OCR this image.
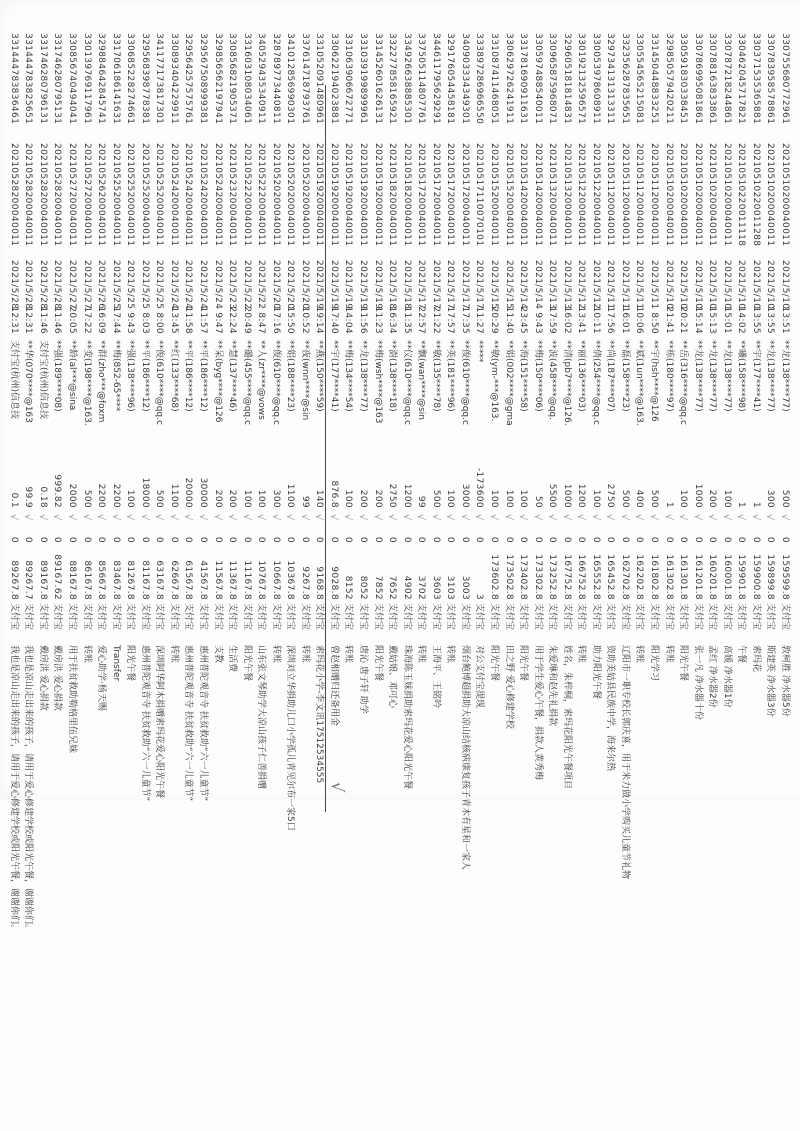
330755680772961
20210510200040011
2021/5/10
13:51
**龙(138****77)
500
√
0
159599.8
支付宝
敦柯胜 净水器5份
330783958578861
20210510200040011
2021/5/10
13:55
**龙(138****77)
300
√
0
159899.8
支付宝
斯建英 净水器3份
330371535365881
20210510220011288
2021/5/10
13:55
**宇(177****41)
1
√
0
159900.8
支付宝
索玛花
330462045717821
20210510220011118
2021/5/10
14:02
**曦(158****98)
1
√
0
159901.8
支付宝
午餐
330787218244861
20210510200040011
2021/5/10
15:01
**龙(138****77)
100
√
0
160001.8
支付宝
高媛 净水器1份
330788163833861
20210510200040011
2021/5/10
15:13
**龙(138****77)
200
√
0
160201.8
支付宝
孟红 净水器2份
330786995081861
20210510200040011
2021/5/10
15:14
**龙(138****77)
1000
√
0
161201.8
支付宝
张一凡 净水器十份
330591830338451
20210510200040011
2021/5/10
20:21
**岳(316****@qq.c
100
√
0
161301.8
支付宝
阳光午餐
329850579420211
20210510200040011
2021/5/10
21:41
**栋(180****97)
1
√
0
161302.8
支付宝
转账
331450448833251
20210511200040011
2021/5/11
8:50
**宇(hsh****@126
500
√
0
161802.8
支付宝
阳光学习
330554565215081
20210511200040011
2021/5/11
10:06
**斌(1un****@163.
400
√
0
162202.8
支付宝
转账
332356287835651
20210511200040011
2021/5/11
16:01
**磊(158****23)
500
√
0
162702.8
支付宝
辽阳市一职专校长郭庆喜，用于米力做小学购买儿童节礼物
329734131313311
20210511200040011
2021/5/11
17:56
**尚(187****07)
2750
√
0
165452.8
支付宝
资助美姑县民族中学，海来尔热
330053978608911
20210512200040011
2021/5/12
10:11
**倩(254****@qq.c
100
√
0
165552.8
支付宝
助力阳光午餐
330192132596571
20210512200040011
2021/5/12
13:41
**丽(136****03)
1200
√
0
166752.8
支付宝
转账
329605181814831
20210513200040011
2021/5/13
16:02
**清(pb7****@126.
1000
√
0
167752.8
支付宝
姓名，朱梓桐，索玛花阳光午餐项目
330965875968071
20210513200040011
2021/5/13
17:59
**波(458****@qq.
5500
√
0
173252.8
支付宝
朱爱琳和赵先礼捐款
330597488540011
20210514200040011
2021/5/14
9:43
**梅(150****06)
50
√
0
173302.8
支付宝
用于学生爱心午餐，捐款人黄秀梅
331781690911631
20210514200040011
2021/5/14
23:45
**海(151****58)
100
√
0
173402.8
支付宝
阳光午餐
330629726241911
20210515200040011
2021/5/15
11:40
**娟(002****@gma
100
√
0
173502.8
支付宝
田之野 爱心修建学校
331087411468051
20210515200040011
2021/5/15
20:29
**敏(ym-***@163.
100
√
0
173602.8
支付宝
阳光午餐
333897286966550
20210517110070101
2021/5/17
11:27
*****
-173600
√
0
3
支付宝
对公支付宝提现
340903334349301
20210517200040011
2021/5/17
17:35
**俊(610****@qq.c
3000
√
0
3003
支付宝
烟台鲍博超捐助大凉山结核病康复孩子青木有星和一家人
329176054458181
20210517200040011
2021/5/17
17:57
**英(181****96)
100
√
0
3103
支付宝
转账
344611795629291
20210517200040011
2021/5/17
21:22
**敏(135****78)
500
√
0
3603
支付宝
王海平、王铭吟
337505114807761
20210517200040011
2021/5/17
22:57
**飘(wan****@sin
99
√
0
3702
支付宝
转账
334926638885301
20210518200040011
2021/5/18
11:35
**仪(610****@qq.c
1200
√
0
4902
支付宝
珠海陈玉妹捐助索玛花爱心阳光午餐
332277858165921
20210518200040011
2021/5/18
16:34
**澍(138****18)
2750
√
0
7652
支付宝
戴姑娘、邓可心
331452601626131
20210519200040011
2021/5/19
11:23
**梅(wsh****@163
200
√
0
7852
支付宝
阳光午餐
331039199899961
20210519200040011
2021/5/19
11:56
**龙(138****77)
200
√
0
8052
支付宝
唐沁 唐子轩 助学
331063906672771
20210519200040011
2021/5/19
14:04
**梅(134****54)
100
√
0
8152
支付宝
转账
330622194023881
20210519200040011
2021/5/19
17:40
**宇(177****41)
876.8
√
0
9028.8
支付宝
曾赵相赠归还备用金
√
331052091480961
20210519200040011
2021/5/19
19:14
**燕(150****59)
140
√
0
9168.8
支付宝
索玛花小学-李文讯17512534555
337614718793761
20210520200040011
2021/5/20
10:52
**夜(wnn****@sin
99
√
0
9267.8
支付宝
转账
341012856990301
20210520200040011
2021/5/20
15:50
**娟(188****23)
1100
√
0
10367.8
支付宝
深圳刘立华捐助儿口小学孤儿青见尔布一家5口
328789773440811
20210520200040011
2021/5/20
17:16
**俊(610****@qq.c
300
√
0
10667.8
支付宝
转账
340529435340911
20210522200040011
2021/5/22
8:47
**人(zr****@vows
100
√
0
10767.8
支付宝
山东张文琴助学大凉山孩子仁善捐赠
331603108034061
20210522200040011
2021/5/22
20:49
**璐(455****@qq.c
100
√
0
11167.8
支付宝
阳光午餐
330856821905371
20210523200040011
2021/5/23
22:24
**慧(137****46)
200
√
0
11367.8
支付宝
生活费
329856562197941
20210524200040011
2021/5/24
9:47
**呆(byg****@126
200
√
0
11567.8
支付宝
支教
329567508999381
20210524200040011
2021/5/24
11:57
**平(186****12)
30000
√
0
41567.8
支付宝
惠州普陀观音寺 扶贫救助“六一儿童节”
329564257575761
20210524200040011
2021/5/24
11:58
**平(186****12)
20000
√
0
61567.8
支付宝
惠州普陀观音寺 扶贫救助“六一儿童节”
330893404229911
20210524200040011
2021/5/24
13:45
**红(133****68)
1100
√
0
62667.8
支付宝
转账
341177173817301
20210525200040011
2021/5/25
8:00
**俊(610****@qq.c
500
√
0
63167.8
支付宝
深圳阿华阿木捐赠索玛花爱心阳光午餐
329568398778381
20210525200040011
2021/5/25
8:03
**平(186****12)
18000
√
0
81167.8
支付宝
惠州普陀观音寺 扶贫救助“六一儿童节”
330685228274661
20210525200040011
2021/5/25
9:43
**强(138****96)
100
√
0
81267.8
支付宝
阳光午餐
331706186141631
20210525200040011
2021/5/25
17:44
**梅(852-65****
2200
√
0
83467.8
支付宝
Transfer
329884642845741
20210526200040011
2021/5/26
16:09
**群(zho***@foxm
2200
√
0
85667.8
支付宝
爱心助学·杨天赐
330139769117961
20210527200040011
2021/5/27
17:22
**变(198****@163.
500
√
0
86167.8
支付宝
转账
330856740494041
20210527200040011
2021/5/27
20:05
**龄(al***@sina
2000
√
0
88167.8
支付宝
用于扶贫救助勒格里伍兄妹
331746280795131
20210528200040011
2021/5/28
11:46
**强(189****08)
999.82
√
0
89167.62
支付宝
戴房洪 爱心捐款
331746280796131
20210528200040011
2021/5/28
11:46
支付宝(杭州)信息技
0.18
√
0
89167.8
支付宝
戴房洪 爱心捐款
331444783825651
20210528200040011
2021/5/28
12:31
**华(070****@163
99.9
√
0
89267.7
支付宝
我也是凉山走出来的孩子，请用于爱心修建学校或阳光午餐，谢谢你们。
331444783836461
20210528200040011
2021/5/28
12:31
支付宝(杭州)信息技
0.1
√
0
89267.8
支付宝
我也是凉山走出来的孩子，请用于爱心修建学校或阳光午餐，谢谢你们。
